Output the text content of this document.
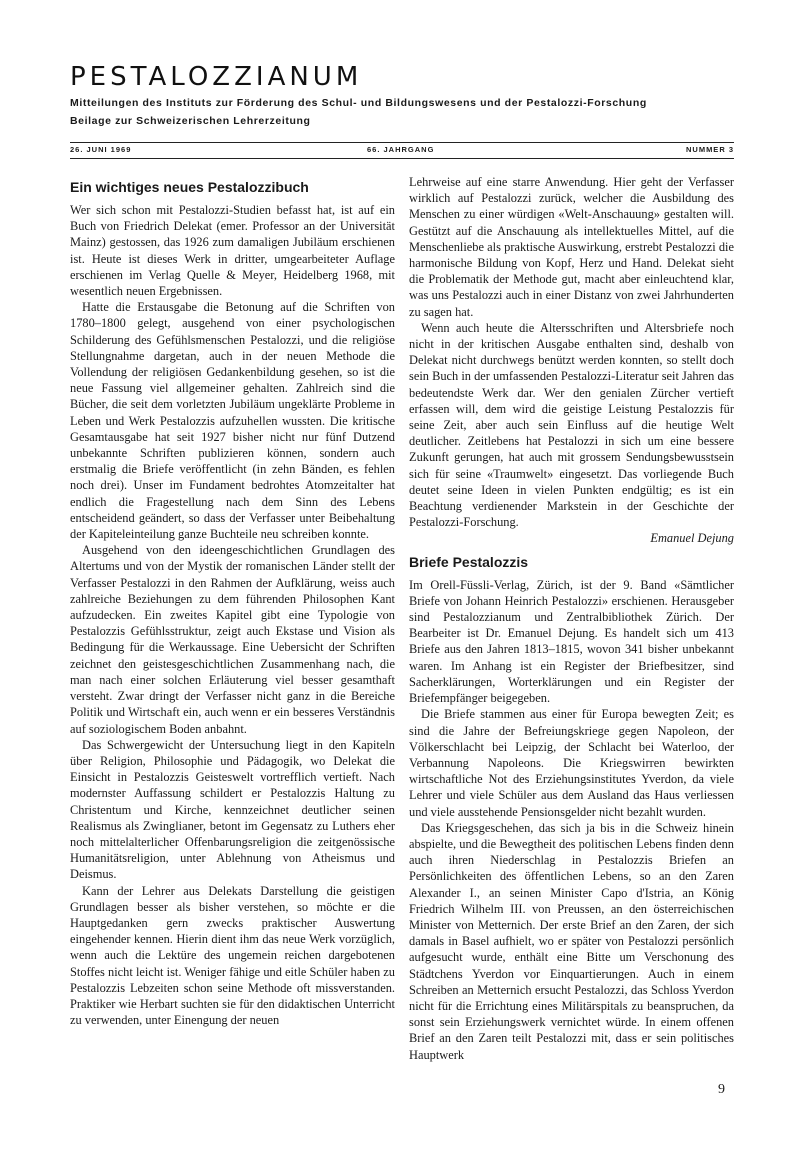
PESTALOZZIANUM
Mitteilungen des Instituts zur Förderung des Schul- und Bildungswesens und der Pestalozzi-Forschung
Beilage zur Schweizerischen Lehrerzeitung
26. JUNI 1969	66. JAHRGANG	NUMMER 3
Ein wichtiges neues Pestalozzibuch

Wer sich schon mit Pestalozzi-Studien befasst hat, ist auf ein Buch von Friedrich Delekat (emer. Professor an der Universität Mainz) gestossen, das 1926 zum damaligen Jubiläum erschienen ist. Heute ist dieses Werk in dritter, umgearbeiteter Auflage erschienen im Verlag Quelle & Meyer, Heidelberg 1968, mit wesentlich neuen Ergebnissen.

Hatte die Erstausgabe die Betonung auf die Schriften von 1780–1800 gelegt, ausgehend von einer psychologischen Schilderung des Gefühlsmenschen Pestalozzi, und die religiöse Stellungnahme dargetan, auch in der neuen Methode die Vollendung der religiösen Gedankenbildung gesehen, so ist die neue Fassung viel allgemeiner gehalten. Zahlreich sind die Bücher, die seit dem vorletzten Jubiläum ungeklärte Probleme in Leben und Werk Pestalozzis aufzuhellen wussten. Die kritische Gesamtausgabe hat seit 1927 bisher nicht nur fünf Dutzend unbekannte Schriften publizieren können, sondern auch erstmalig die Briefe veröffentlicht (in zehn Bänden, es fehlen noch drei). Unser im Fundament bedrohtes Atomzeitalter hat endlich die Fragestellung nach dem Sinn des Lebens entscheidend geändert, so dass der Verfasser unter Beibehaltung der Kapiteleinteilung ganze Buchteile neu schreiben konnte.

Ausgehend von den ideengeschichtlichen Grundlagen des Altertums und von der Mystik der romanischen Länder stellt der Verfasser Pestalozzi in den Rahmen der Aufklärung, weiss auch zahlreiche Beziehungen zu dem führenden Philosophen Kant aufzudecken. Ein zweites Kapitel gibt eine Typologie von Pestalozzis Gefühlsstruktur, zeigt auch Ekstase und Vision als Bedingung für die Werkaussage. Eine Uebersicht der Schriften zeichnet den geistesgeschichtlichen Zusammenhang nach, die man nach einer solchen Erläuterung viel besser gesamthaft versteht. Zwar dringt der Verfasser nicht ganz in die Bereiche Politik und Wirtschaft ein, auch wenn er ein besseres Verständnis auf soziologischem Boden anbahnt.

Das Schwergewicht der Untersuchung liegt in den Kapiteln über Religion, Philosophie und Pädagogik, wo Delekat die Einsicht in Pestalozzis Geisteswelt vortrefflich vertieft. Nach modernster Auffassung schildert er Pestalozzis Haltung zu Christentum und Kirche, kennzeichnet deutlicher seinen Realismus als Zwinglianer, betont im Gegensatz zu Luthers eher noch mittelalterlicher Offenbarungsreligion die zeitgenössische Humanitätsreligion, unter Ablehnung von Atheismus und Deismus.

Kann der Lehrer aus Delekats Darstellung die geistigen Grundlagen besser als bisher verstehen, so möchte er die Hauptgedanken gern zwecks praktischer Auswertung eingehender kennen. Hierin dient ihm das neue Werk vorzüglich, wenn auch die Lektüre des ungemein reichen dargebotenen Stoffes nicht leicht ist. Weniger fähige und eitle Schüler haben zu Pestalozzis Lebzeiten schon seine Methode oft missverstanden. Praktiker wie Herbart suchten sie für den didaktischen Unterricht zu verwenden, unter Einengung der neuen

Lehrweise auf eine starre Anwendung. Hier geht der Verfasser wirklich auf Pestalozzi zurück, welcher die Ausbildung des Menschen zu einer würdigen «Welt-Anschauung» gestalten will. Gestützt auf die Anschauung als intellektuelles Mittel, auf die Menschenliebe als praktische Auswirkung, erstrebt Pestalozzi die harmonische Bildung von Kopf, Herz und Hand. Delekat sieht die Problematik der Methode gut, macht aber einleuchtend klar, was uns Pestalozzi auch in einer Distanz von zwei Jahrhunderten zu sagen hat.

Wenn auch heute die Altersschriften und Altersbriefe noch nicht in der kritischen Ausgabe enthalten sind, deshalb von Delekat nicht durchwegs benützt werden konnten, so stellt doch sein Buch in der umfassenden Pestalozzi-Literatur seit Jahren das bedeutendste Werk dar. Wer den genialen Zürcher vertieft erfassen will, dem wird die geistige Leistung Pestalozzis für seine Zeit, aber auch sein Einfluss auf die heutige Welt deutlicher. Zeitlebens hat Pestalozzi in sich um eine bessere Zukunft gerungen, hat auch mit grossem Sendungsbewusstsein sich für seine «Traumwelt» eingesetzt. Das vorliegende Buch deutet seine Ideen in vielen Punkten endgültig; es ist ein Beachtung verdienender Markstein in der Geschichte der Pestalozzi-Forschung.

Emanuel Dejung
Briefe Pestalozzis

Im Orell-Füssli-Verlag, Zürich, ist der 9. Band «Sämtlicher Briefe von Johann Heinrich Pestalozzi» erschienen. Herausgeber sind Pestalozzianum und Zentralbibliothek Zürich. Der Bearbeiter ist Dr. Emanuel Dejung. Es handelt sich um 413 Briefe aus den Jahren 1813–1815, wovon 341 bisher unbekannt waren. Im Anhang ist ein Register der Briefbesitzer, sind Sacherklärungen, Worterklärungen und ein Register der Briefempfänger beigegeben.

Die Briefe stammen aus einer für Europa bewegten Zeit; es sind die Jahre der Befreiungskriege gegen Napoleon, der Völkerschlacht bei Leipzig, der Schlacht bei Waterloo, der Verbannung Napoleons. Die Kriegswirren bewirkten wirtschaftliche Not des Erziehungsinstitutes Yverdon, da viele Lehrer und viele Schüler aus dem Ausland das Haus verliessen und viele ausstehende Pensionsgelder nicht bezahlt wurden.

Das Kriegsgeschehen, das sich ja bis in die Schweiz hinein abspielte, und die Bewegtheit des politischen Lebens finden denn auch ihren Niederschlag in Pestalozzis Briefen an Persönlichkeiten des öffentlichen Lebens, so an den Zaren Alexander I., an seinen Minister Capo d'Istria, an König Friedrich Wilhelm III. von Preussen, an den österreichischen Minister von Metternich. Der erste Brief an den Zaren, der sich damals in Basel aufhielt, wo er später von Pestalozzi persönlich aufgesucht wurde, enthält eine Bitte um Verschonung des Städtchens Yverdon vor Einquartierungen. Auch in einem Schreiben an Metternich ersucht Pestalozzi, das Schloss Yverdon nicht für die Errichtung eines Militärspitals zu beanspruchen, da sonst sein Erziehungswerk vernichtet würde. In einem offenen Brief an den Zaren teilt Pestalozzi mit, dass er sein politisches Hauptwerk

9
